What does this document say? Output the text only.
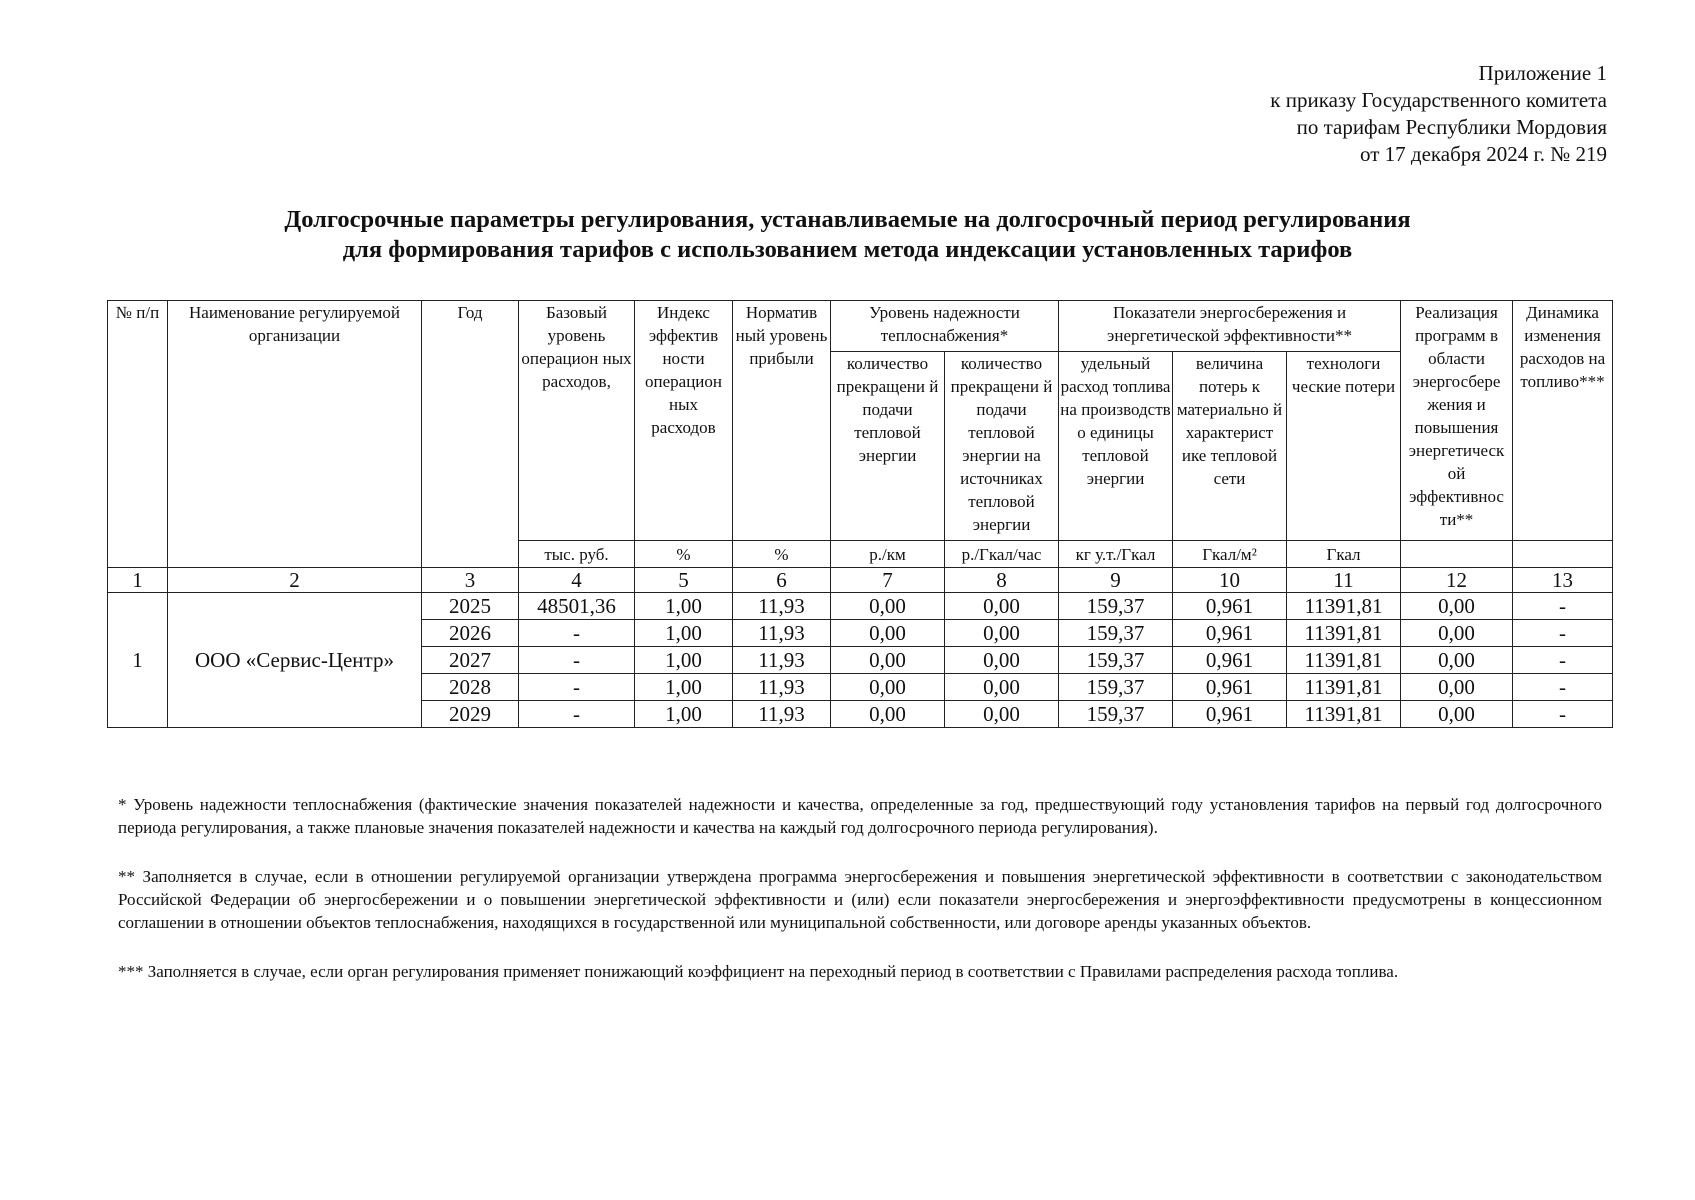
Приложение 1
к приказу Государственного комитета
по тарифам Республики Мордовия
от 17 декабря 2024 г. № 219
Долгосрочные параметры регулирования, устанавливаемые на долгосрочный период регулирования
для формирования тарифов с использованием метода индексации установленных тарифов
№ п/п	Наименование регулируемой организации	Год	Базовый уровень операцион ных расходов,	Индекс эффектив ности операцион ных расходов	Норматив ный уровень прибыли	Уровень надежности теплоснабжения*		Показатели энергосбережения и энергетической эффективности**			Реализация программ в области энергосбере жения и повышения энергетическ ой эффективнос ти**	Динамика изменения расходов на топливо***
						количество прекращени й подачи тепловой энергии	количество прекращени й подачи тепловой энергии на источниках тепловой энергии	удельный расход топлива на производств о единицы тепловой энергии	величина потерь к материально й характерист ике тепловой сети	технологи ческие потери		
			тыс. руб.	%	%	р./км	р./Гкал/час	кг у.т./Гкал	Гкал/м²	Гкал		
1	2	3	4	5	6	7	8	9	10	11	12	13
1	ООО «Сервис-Центр»	2025	48501,36	1,00	11,93	0,00	0,00	159,37	0,961	11391,81	0,00	-
		2026	-	1,00	11,93	0,00	0,00	159,37	0,961	11391,81	0,00	-
		2027	-	1,00	11,93	0,00	0,00	159,37	0,961	11391,81	0,00	-
		2028	-	1,00	11,93	0,00	0,00	159,37	0,961	11391,81	0,00	-
		2029	-	1,00	11,93	0,00	0,00	159,37	0,961	11391,81	0,00	-

* Уровень надежности теплоснабжения (фактические значения показателей надежности и качества, определенные за год, предшествующий году установления тарифов на первый год долгосрочного периода регулирования, а также плановые значения показателей надежности и качества на каждый год долгосрочного периода регулирования).

** Заполняется в случае, если в отношении регулируемой организации утверждена программа энергосбережения и повышения энергетической эффективности в соответствии с законодательством Российской Федерации об энергосбережении и о повышении энергетической эффективности и (или) если показатели энергосбережения и энергоэффективности предусмотрены в концессионном соглашении в отношении объектов теплоснабжения, находящихся в государственной или муниципальной собственности, или договоре аренды указанных объектов.

*** Заполняется в случае, если орган регулирования применяет понижающий коэффициент на переходный период в соответствии с Правилами распределения расхода топлива.
